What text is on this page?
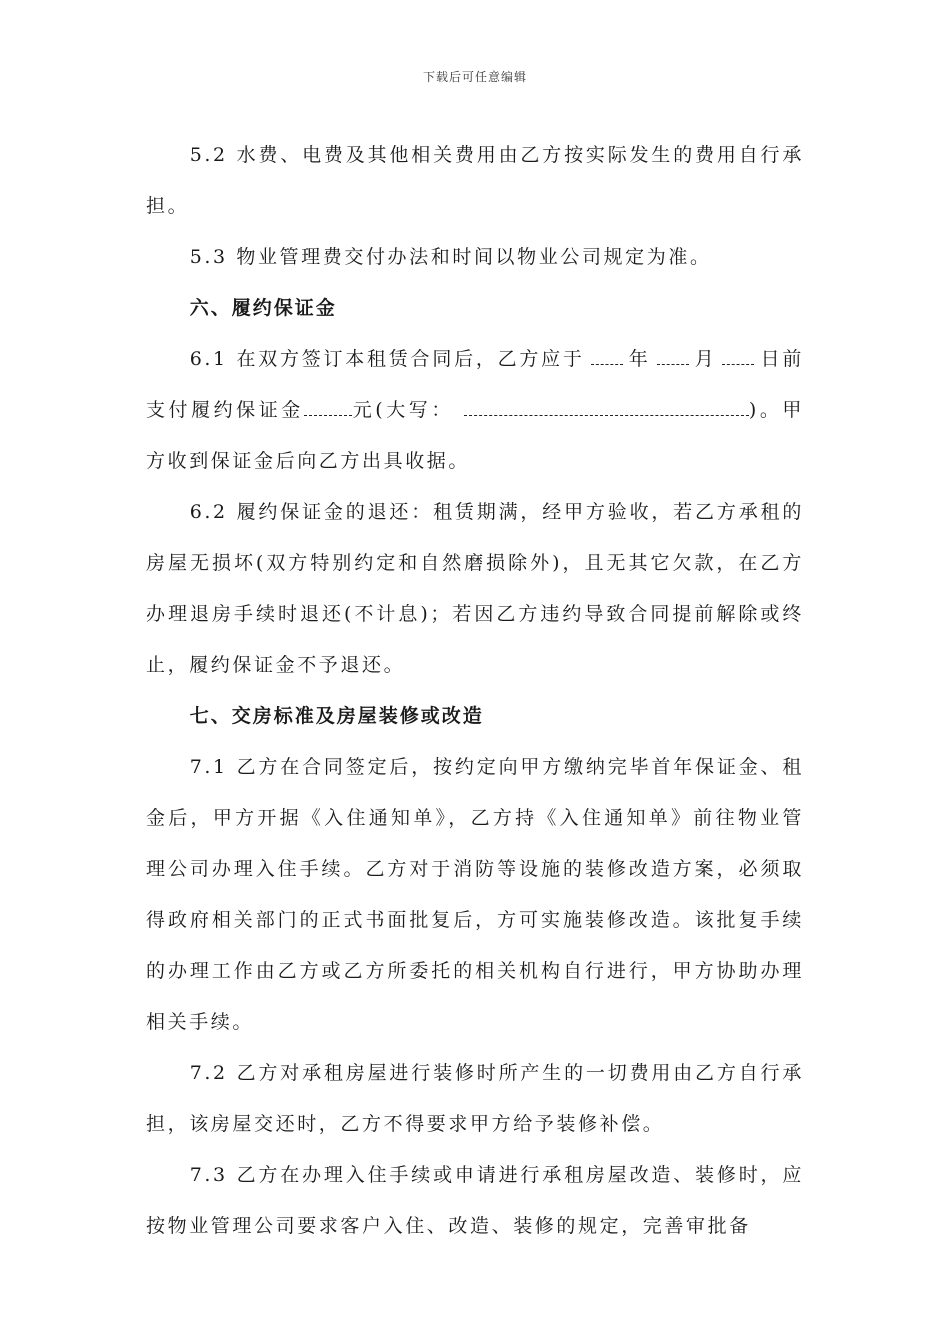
下载后可任意编辑

5.2 水费、电费及其他相关费用由乙方按实际发生的费用自行承担。

5.3 物业管理费交付办法和时间以物业公司规定为准。

六、履约保证金

6.1 在双方签订本租赁合同后，乙方应于 年 月 日前支付履约保证金	元(大写：	)。甲方收到保证金后向乙方出具收据。

6.2 履约保证金的退还：租赁期满，经甲方验收，若乙方承租的房屋无损坏(双方特别约定和自然磨损除外)，且无其它欠款，在乙方办理退房手续时退还(不计息)；若因乙方违约导致合同提前解除或终止，履约保证金不予退还。

七、交房标准及房屋装修或改造

7.1 乙方在合同签定后，按约定向甲方缴纳完毕首年保证金、租金后，甲方开据《入住通知单》，乙方持《入住通知单》前往物业管理公司办理入住手续。乙方对于消防等设施的装修改造方案，必须取得政府相关部门的正式书面批复后，方可实施装修改造。该批复手续的办理工作由乙方或乙方所委托的相关机构自行进行，甲方协助办理相关手续。

7.2 乙方对承租房屋进行装修时所产生的一切费用由乙方自行承担，该房屋交还时，乙方不得要求甲方给予装修补偿。

7.3 乙方在办理入住手续或申请进行承租房屋改造、装修时，应按物业管理公司要求客户入住、改造、装修的规定，完善审批备
